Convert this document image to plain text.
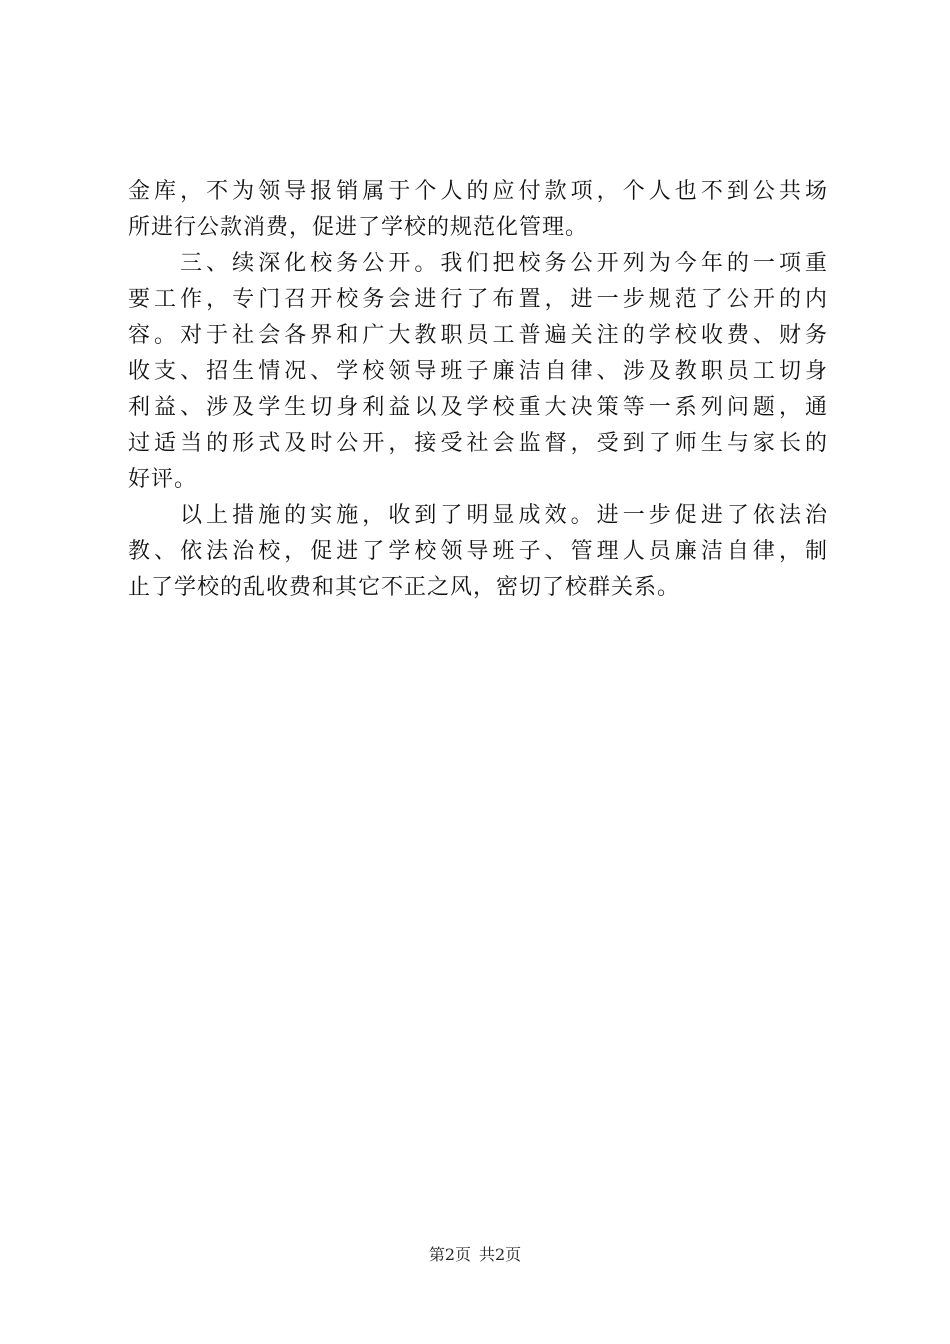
金库，不为领导报销属于个人的应付款项，个人也不到公共场
所进行公款消费，促进了学校的规范化管理。
三、续深化校务公开。我们把校务公开列为今年的一项重
要工作，专门召开校务会进行了布置，进一步规范了公开的内
容。对于社会各界和广大教职员工普遍关注的学校收费、财务
收支、招生情况、学校领导班子廉洁自律、涉及教职员工切身
利益、涉及学生切身利益以及学校重大决策等一系列问题，通
过适当的形式及时公开，接受社会监督，受到了师生与家长的
好评。
以上措施的实施，收到了明显成效。进一步促进了依法治
教、依法治校，促进了学校领导班子、管理人员廉洁自律，制
止了学校的乱收费和其它不正之风，密切了校群关系。
第2页 共2页
